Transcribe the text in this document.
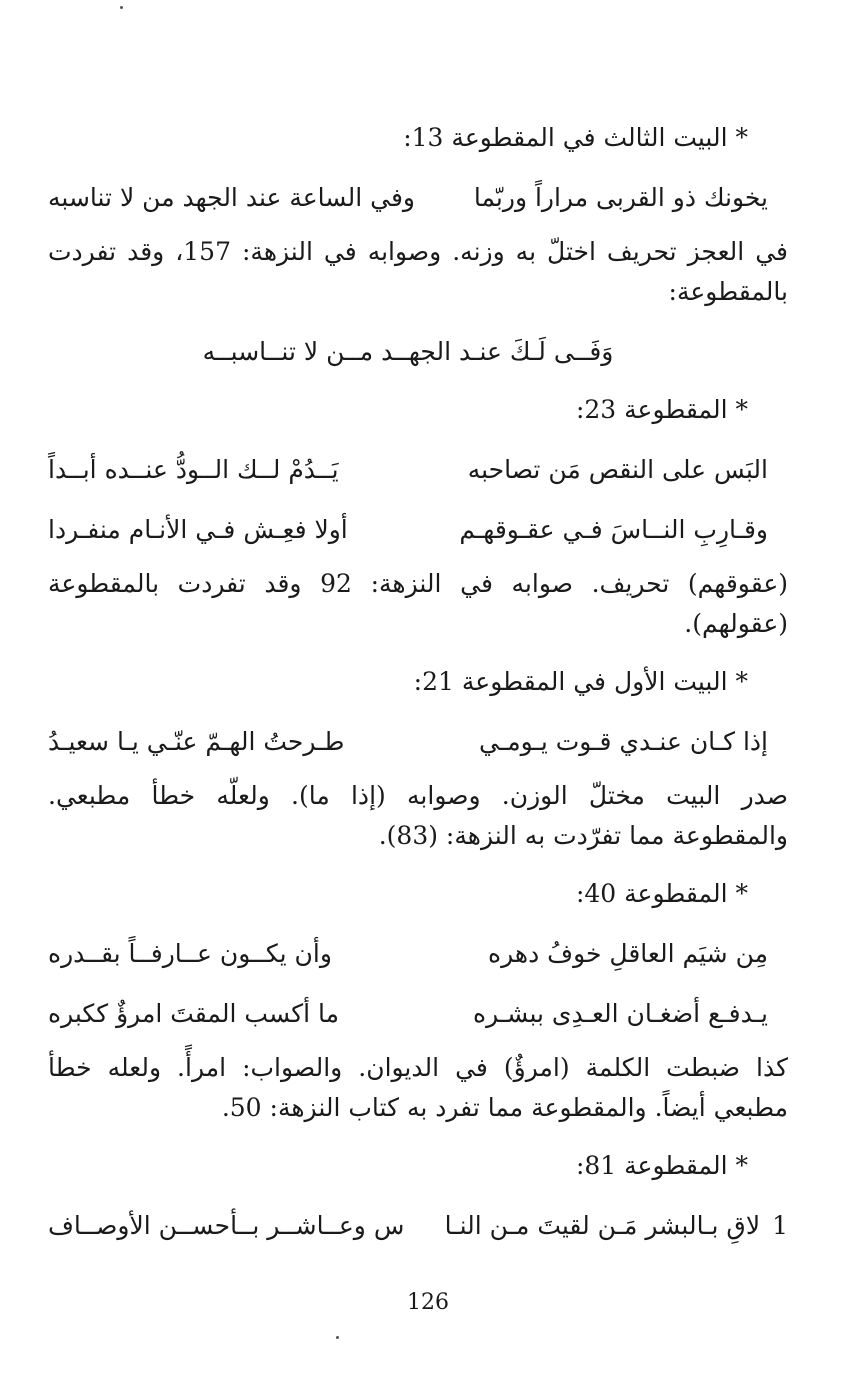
* البيت الثالث في المقطوعة 13:
يخونك ذو القربى مراراً وربّما
وفي الساعة عند الجهد من لا تناسبه
في العجز تحريف اختلّ به وزنه. وصوابه في النزهة: 157، وقد تفردت بالمقطوعة:
وَفَــى لَـكَ عنـد الجهــد مــن لا تنــاسبــه
* المقطوعة 23:
البَس على النقص مَن تصاحبه
يَــدُمْ لــك الــودُّ عنــده أبــداً
وقـارِبِ النــاسَ فـي عقـوقهـم
أولا فعِـش فـي الأنـام منفـردا
(عقوقهم) تحريف. صوابه في النزهة: 92 وقد تفردت بالمقطوعة (عقولهم).
* البيت الأول في المقطوعة 21:
إذا كـان عنـدي قـوت يـومـي
طـرحتُ الهـمّ عنّـي يـا سعيـدُ
صدر البيت مختلّ الوزن. وصوابه (إذا ما). ولعلّه خطأ مطبعي. والمقطوعة مما تفرّدت به النزهة: (83).
* المقطوعة 40:
مِن شيَم العاقلِ خوفُ دهره
وأن يكــون عــارفــاً بقــدره
يـدفـع أضغـان العـدِى ببشـره
ما أكسب المقتَ امرؤٌ ككبره
كذا ضبطت الكلمة (امرؤٌ) في الديوان. والصواب: امرأً. ولعله خطأ مطبعي أيضاً. والمقطوعة مما تفرد به كتاب النزهة: 50.
* المقطوعة 81:
1لاقِ بـالبشر مَـن لقيتَ مـن النـا
س وعــاشــر بــأحســن الأوصــاف
126
